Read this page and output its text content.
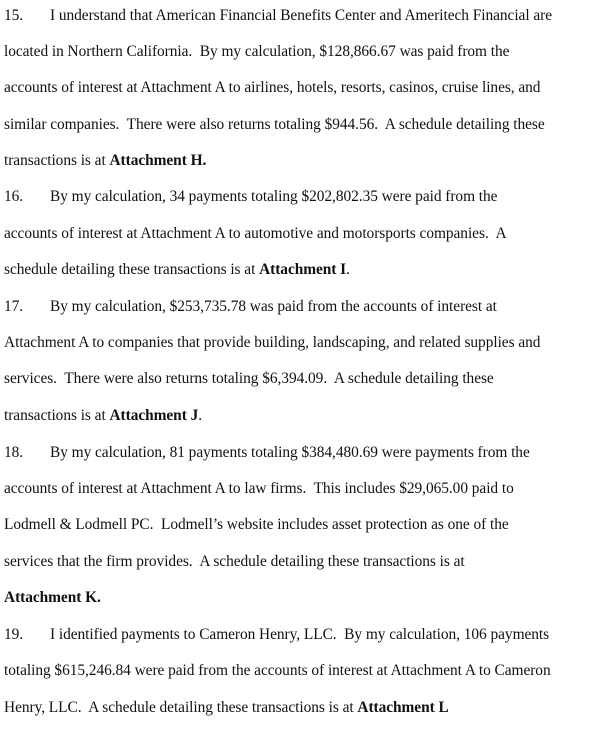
15. I understand that American Financial Benefits Center and Ameritech Financial are
located in Northern California.  By my calculation, $128,866.67 was paid from the
accounts of interest at Attachment A to airlines, hotels, resorts, casinos, cruise lines, and
similar companies.  There were also returns totaling $944.56.  A schedule detailing these
transactions is at Attachment H.
16. By my calculation, 34 payments totaling $202,802.35 were paid from the
accounts of interest at Attachment A to automotive and motorsports companies.  A
schedule detailing these transactions is at Attachment I.
17. By my calculation, $253,735.78 was paid from the accounts of interest at
Attachment A to companies that provide building, landscaping, and related supplies and
services.  There were also returns totaling $6,394.09.  A schedule detailing these
transactions is at Attachment J.
18. By my calculation, 81 payments totaling $384,480.69 were payments from the
accounts of interest at Attachment A to law firms.  This includes $29,065.00 paid to
Lodmell & Lodmell PC.  Lodmell’s website includes asset protection as one of the
services that the firm provides.  A schedule detailing these transactions is at
Attachment K.
19. I identified payments to Cameron Henry, LLC.  By my calculation, 106 payments
totaling $615,246.84 were paid from the accounts of interest at Attachment A to Cameron
Henry, LLC.  A schedule detailing these transactions is at Attachment L
